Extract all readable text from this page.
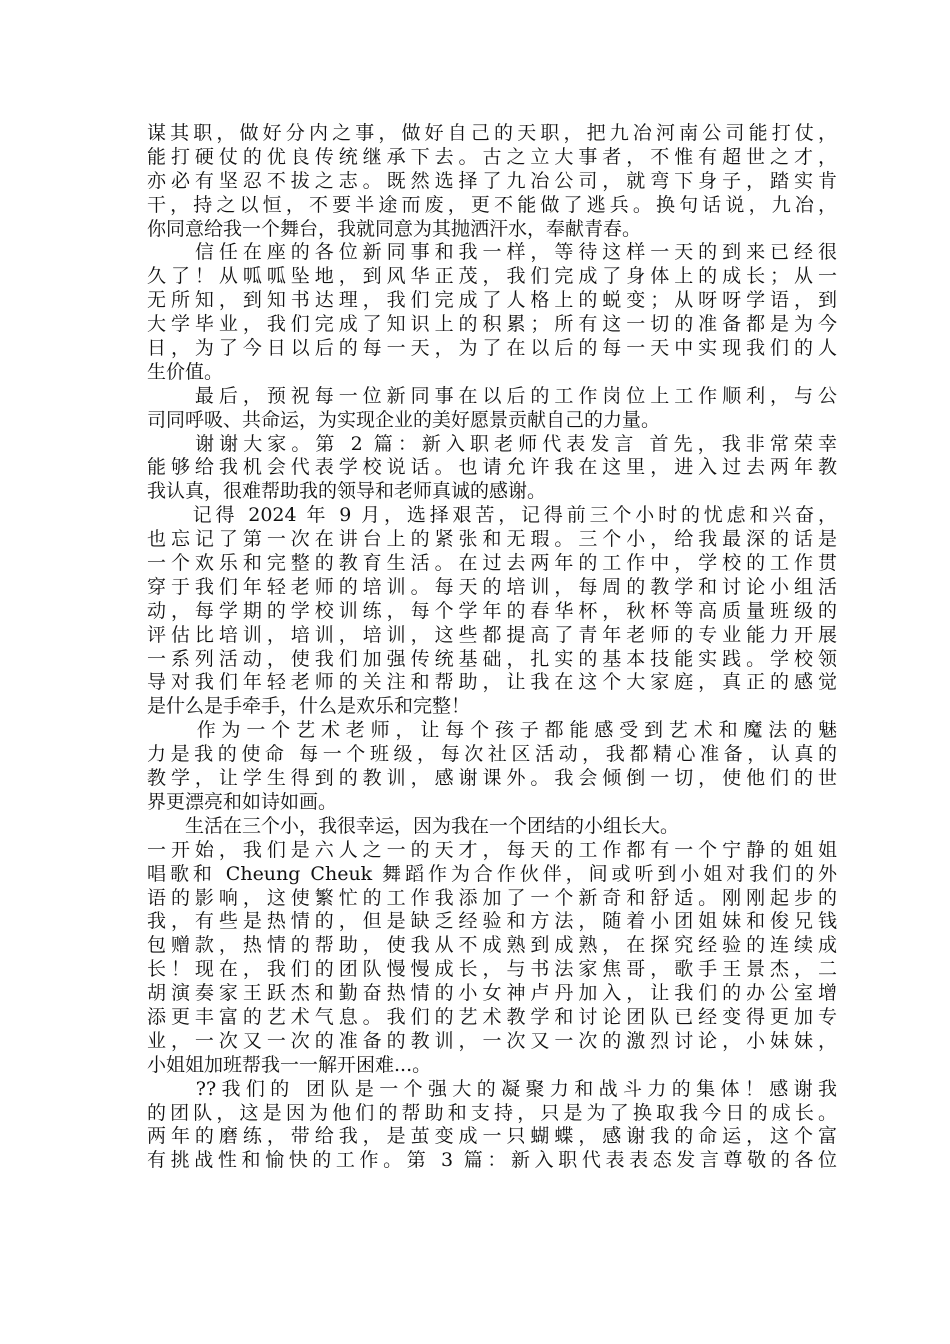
谋其职，做好分内之事，做好自己的天职，把九冶河南公司能打仗，
能打硬仗的优良传统继承下去。古之立大事者，不惟有超世之才，
亦必有坚忍不拔之志。既然选择了九冶公司，就弯下身子，踏实肯
干，持之以恒，不要半途而废，更不能做了逃兵。换句话说，九冶，
你同意给我一个舞台，我就同意为其抛洒汗水，奉献青春。
　　信任在座的各位新同事和我一样，等待这样一天的到来已经很
久了！从呱呱坠地，到风华正茂，我们完成了身体上的成长；从一
无所知，到知书达理，我们完成了人格上的蜕变；从呀呀学语，到
大学毕业，我们完成了知识上的积累；所有这一切的准备都是为今
日，为了今日以后的每一天，为了在以后的每一天中实现我们的人
生价值。
　　最后，预祝每一位新同事在以后的工作岗位上工作顺利，与公
司同呼吸、共命运，为实现企业的美好愿景贡献自己的力量。
　　谢谢大家。第 2 篇：新入职老师代表发言 首先，我非常荣幸
能够给我机会代表学校说话。也请允许我在这里，进入过去两年教
我认真，很难帮助我的领导和老师真诚的感谢。
　　记得 2024 年 9 月，选择艰苦，记得前三个小时的忧虑和兴奋，
也忘记了第一次在讲台上的紧张和无瑕。三个小，给我最深的话是
一个欢乐和完整的教育生活。在过去两年的工作中，学校的工作贯
穿于我们年轻老师的培训。每天的培训，每周的教学和讨论小组活
动，每学期的学校训练，每个学年的春华杯，秋杯等高质量班级的
评估比培训，培训，培训，这些都提高了青年老师的专业能力开展
一系列活动，使我们加强传统基础，扎实的基本技能实践。学校领
导对我们年轻老师的关注和帮助，让我在这个大家庭，真正的感觉
是什么是手牵手，什么是欢乐和完整！
　　作为一个艺术老师，让每个孩子都能感受到艺术和魔法的魅
力是我的使命 每一个班级，每次社区活动，我都精心准备，认真的
教学，让学生得到的教训，感谢课外。我会倾倒一切，使他们的世
界更漂亮和如诗如画。
　　生活在三个小，我很幸运，因为我在一个团结的小组长大。
一开始，我们是六人之一的天才，每天的工作都有一个宁静的姐姐
唱歌和 Cheung Cheuk 舞蹈作为合作伙伴，间或听到小姐对我们的外
语的影响，这使繁忙的工作我添加了一个新奇和舒适。刚刚起步的
我，有些是热情的，但是缺乏经验和方法，随着小团姐妹和俊兄钱
包赠款，热情的帮助，使我从不成熟到成熟，在探究经验的连续成
长！现在，我们的团队慢慢成长，与书法家焦哥，歌手王景杰，二
胡演奏家王跃杰和勤奋热情的小女神卢丹加入，让我们的办公室增
添更丰富的艺术气息。我们的艺术教学和讨论团队已经变得更加专
业，一次又一次的准备的教训，一次又一次的激烈讨论，小妹妹，
小姐姐加班帮我一一解开困难...。
　　??我们的 团队是一个强大的凝聚力和战斗力的集体！感谢我
的团队，这是因为他们的帮助和支持，只是为了换取我今日的成长。
两年的磨练，带给我，是茧变成一只蝴蝶，感谢我的命运，这个富
有挑战性和愉快的工作。第 3 篇：新入职代表表态发言尊敬的各位
